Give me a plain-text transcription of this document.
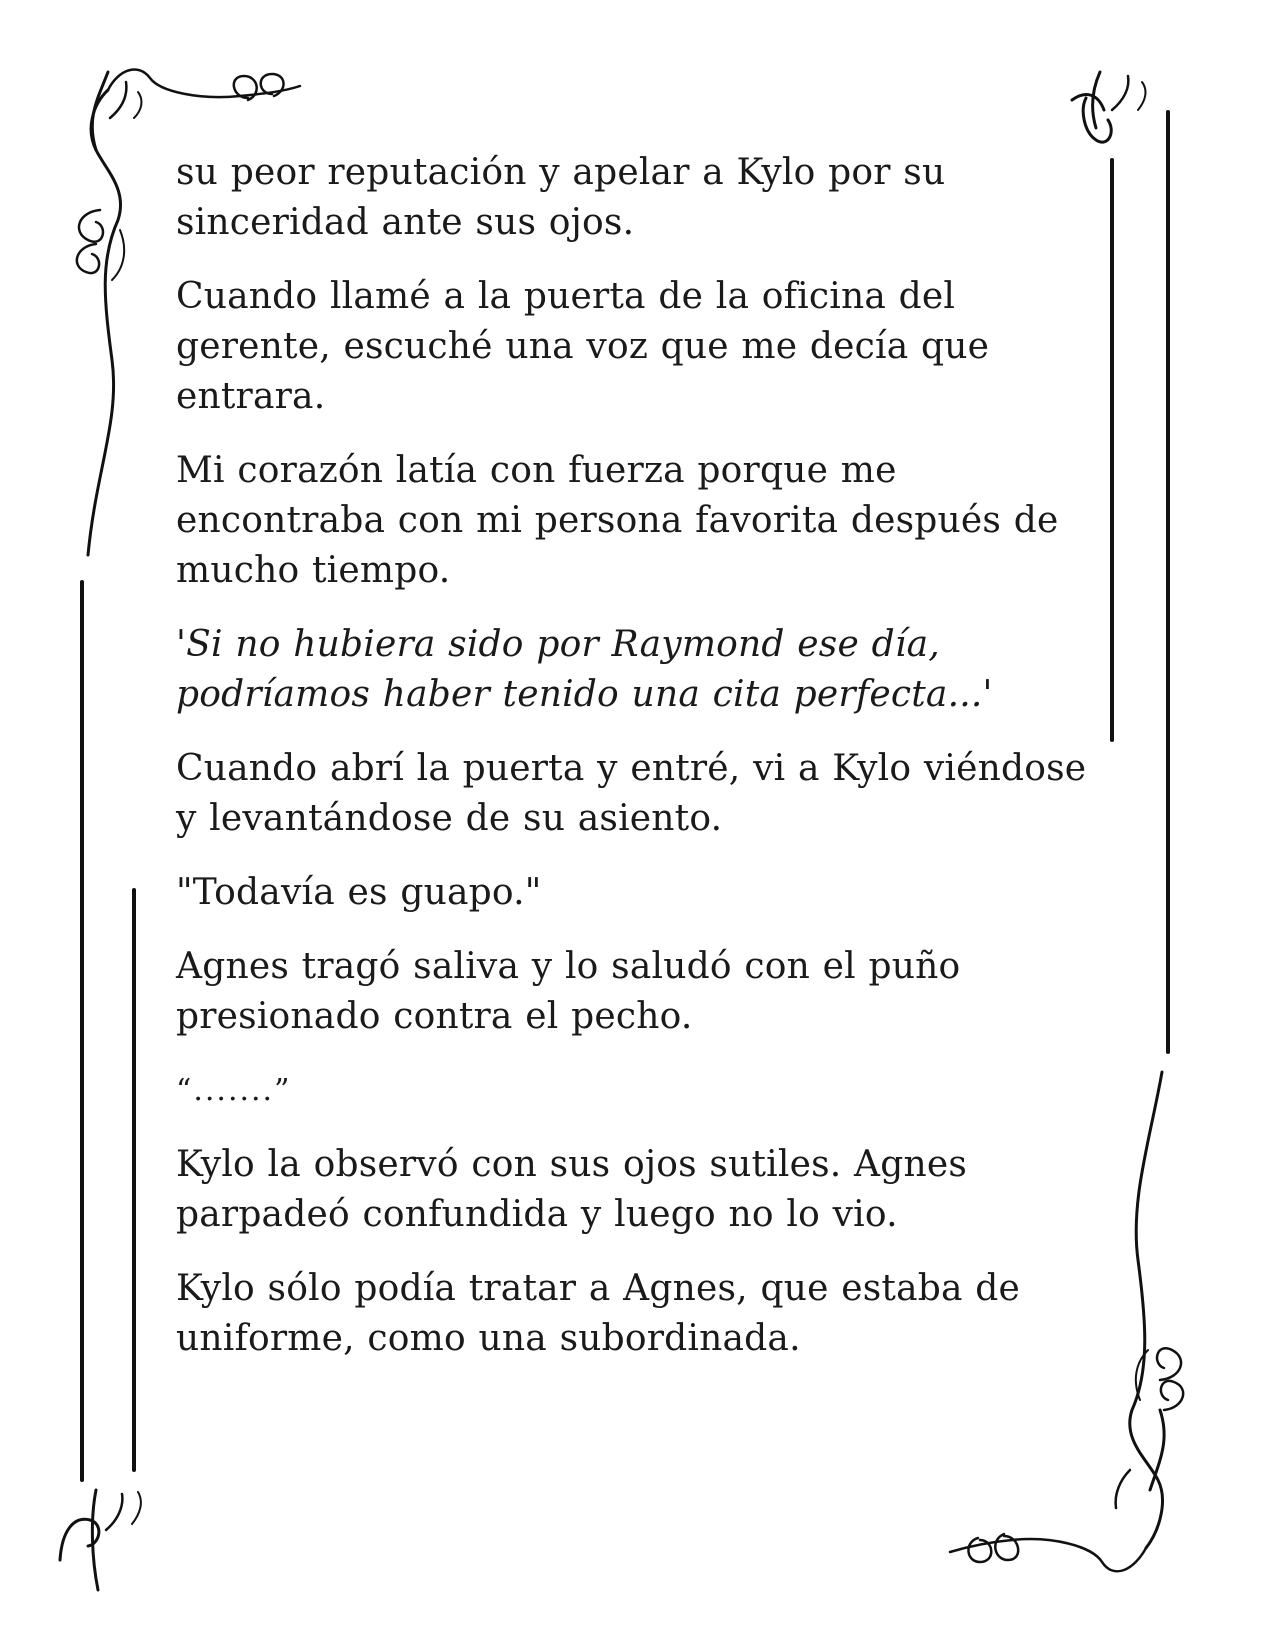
su peor reputación y apelar a Kylo por su sinceridad ante sus ojos.

Cuando llamé a la puerta de la oficina del gerente, escuché una voz que me decía que entrara.

Mi corazón latía con fuerza porque me encontraba con mi persona favorita después de mucho tiempo.

'Si no hubiera sido por Raymond ese día, podríamos haber tenido una cita perfecta...'

Cuando abrí la puerta y entré, vi a Kylo viéndose y levantándose de su asiento.

"Todavía es guapo."

Agnes tragó saliva y lo saludó con el puño presionado contra el pecho.

“.......”

Kylo la observó con sus ojos sutiles. Agnes parpadeó confundida y luego no lo vio.

Kylo sólo podía tratar a Agnes, que estaba de uniforme, como una subordinada.
